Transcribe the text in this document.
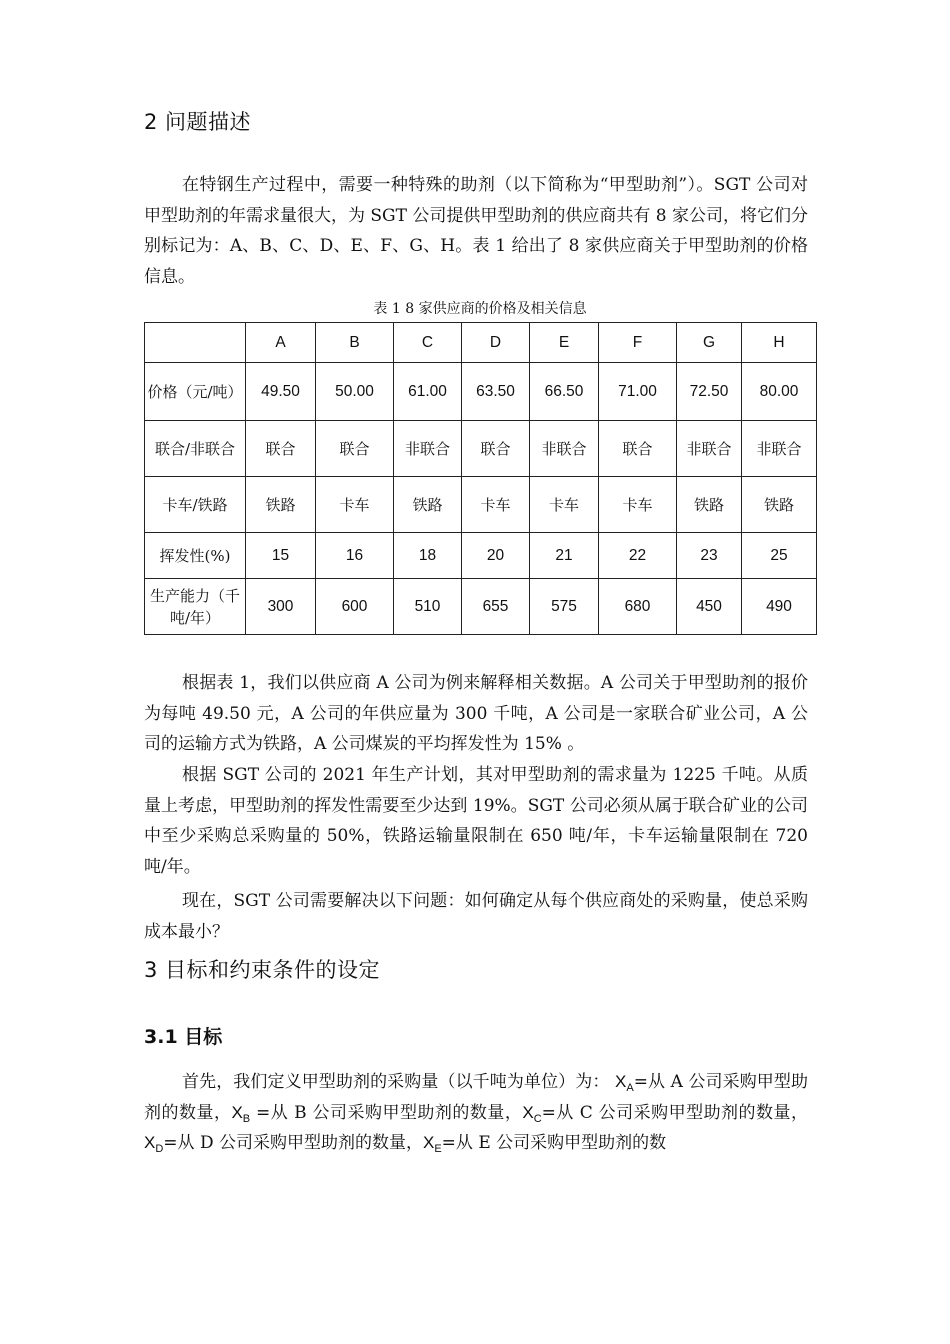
2 问题描述

在特钢生产过程中，需要一种特殊的助剂（以下简称为“甲型助剂”）。SGT 公司对甲型助剂的年需求量很大，为 SGT 公司提供甲型助剂的供应商共有 8 家公司，将它们分别标记为：A、B、C、D、E、F、G、H。表 1 给出了 8 家供应商关于甲型助剂的价格信息。

表 1 8 家供应商的价格及相关信息

	A	B	C	D	E	F	G	H
价格（元/吨）	49.50	50.00	61.00	63.50	66.50	71.00	72.50	80.00
联合/非联合	联合	联合	非联合	联合	非联合	联合	非联合	非联合
卡车/铁路	铁路	卡车	铁路	卡车	卡车	卡车	铁路	铁路
挥发性(%)	15	16	18	20	21	22	23	25
生产能力（千吨/年）	300	600	510	655	575	680	450	490

根据表 1，我们以供应商 A 公司为例来解释相关数据。A 公司关于甲型助剂的报价为每吨 49.50 元，A 公司的年供应量为 300 千吨，A 公司是一家联合矿业公司，A 公司的运输方式为铁路，A 公司煤炭的平均挥发性为 15% 。

根据 SGT 公司的 2021 年生产计划，其对甲型助剂的需求量为 1225 千吨。从质量上考虑，甲型助剂的挥发性需要至少达到 19%。SGT 公司必须从属于联合矿业的公司中至少采购总采购量的 50%，铁路运输量限制在 650 吨/年，卡车运输量限制在 720 吨/年。

现在，SGT 公司需要解决以下问题：如何确定从每个供应商处的采购量，使总采购成本最小？

3 目标和约束条件的设定
3.1 目标

首先，我们定义甲型助剂的采购量（以千吨为单位）为： $X_A=$从 A 公司采购甲型助剂的数量，$X_B$ =从 B 公司采购甲型助剂的数量，$X_C=$从 C 公司采购甲型助剂的数量，$X_D=$从 D 公司采购甲型助剂的数量，$X_E=$从 E 公司采购甲型助剂的数
